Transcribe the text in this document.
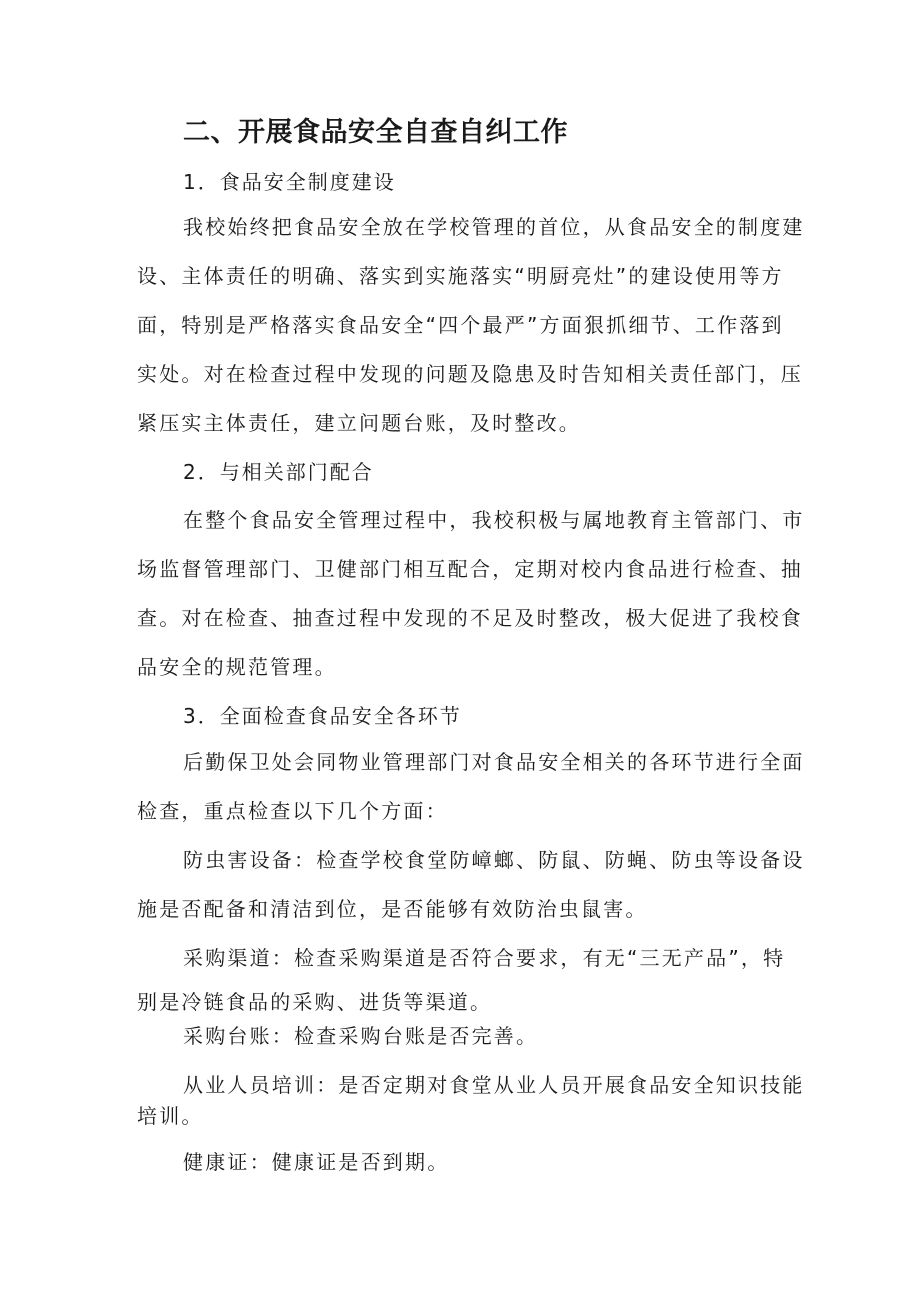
二、开展食品安全自查自纠工作

1．食品安全制度建设

我校始终把食品安全放在学校管理的首位，从食品安全的制度建

设、主体责任的明确、落实到实施落实“明厨亮灶”的建设使用等方

面，特别是严格落实食品安全“四个最严”方面狠抓细节、工作落到

实处。对在检查过程中发现的问题及隐患及时告知相关责任部门，压

紧压实主体责任，建立问题台账，及时整改。

2．与相关部门配合

在整个食品安全管理过程中，我校积极与属地教育主管部门、市

场监督管理部门、卫健部门相互配合，定期对校内食品进行检查、抽

查。对在检查、抽查过程中发现的不足及时整改，极大促进了我校食

品安全的规范管理。

3．全面检查食品安全各环节

后勤保卫处会同物业管理部门对食品安全相关的各环节进行全面

检查，重点检查以下几个方面：

防虫害设备：检查学校食堂防嶂螂、防鼠、防蝇、防虫等设备设

施是否配备和清洁到位，是否能够有效防治虫鼠害。

采购渠道：检查采购渠道是否符合要求，有无“三无产品”，特

别是冷链食品的采购、进货等渠道。

采购台账：检查采购台账是否完善。

从业人员培训：是否定期对食堂从业人员开展食品安全知识技能

培训。

健康证：健康证是否到期。
